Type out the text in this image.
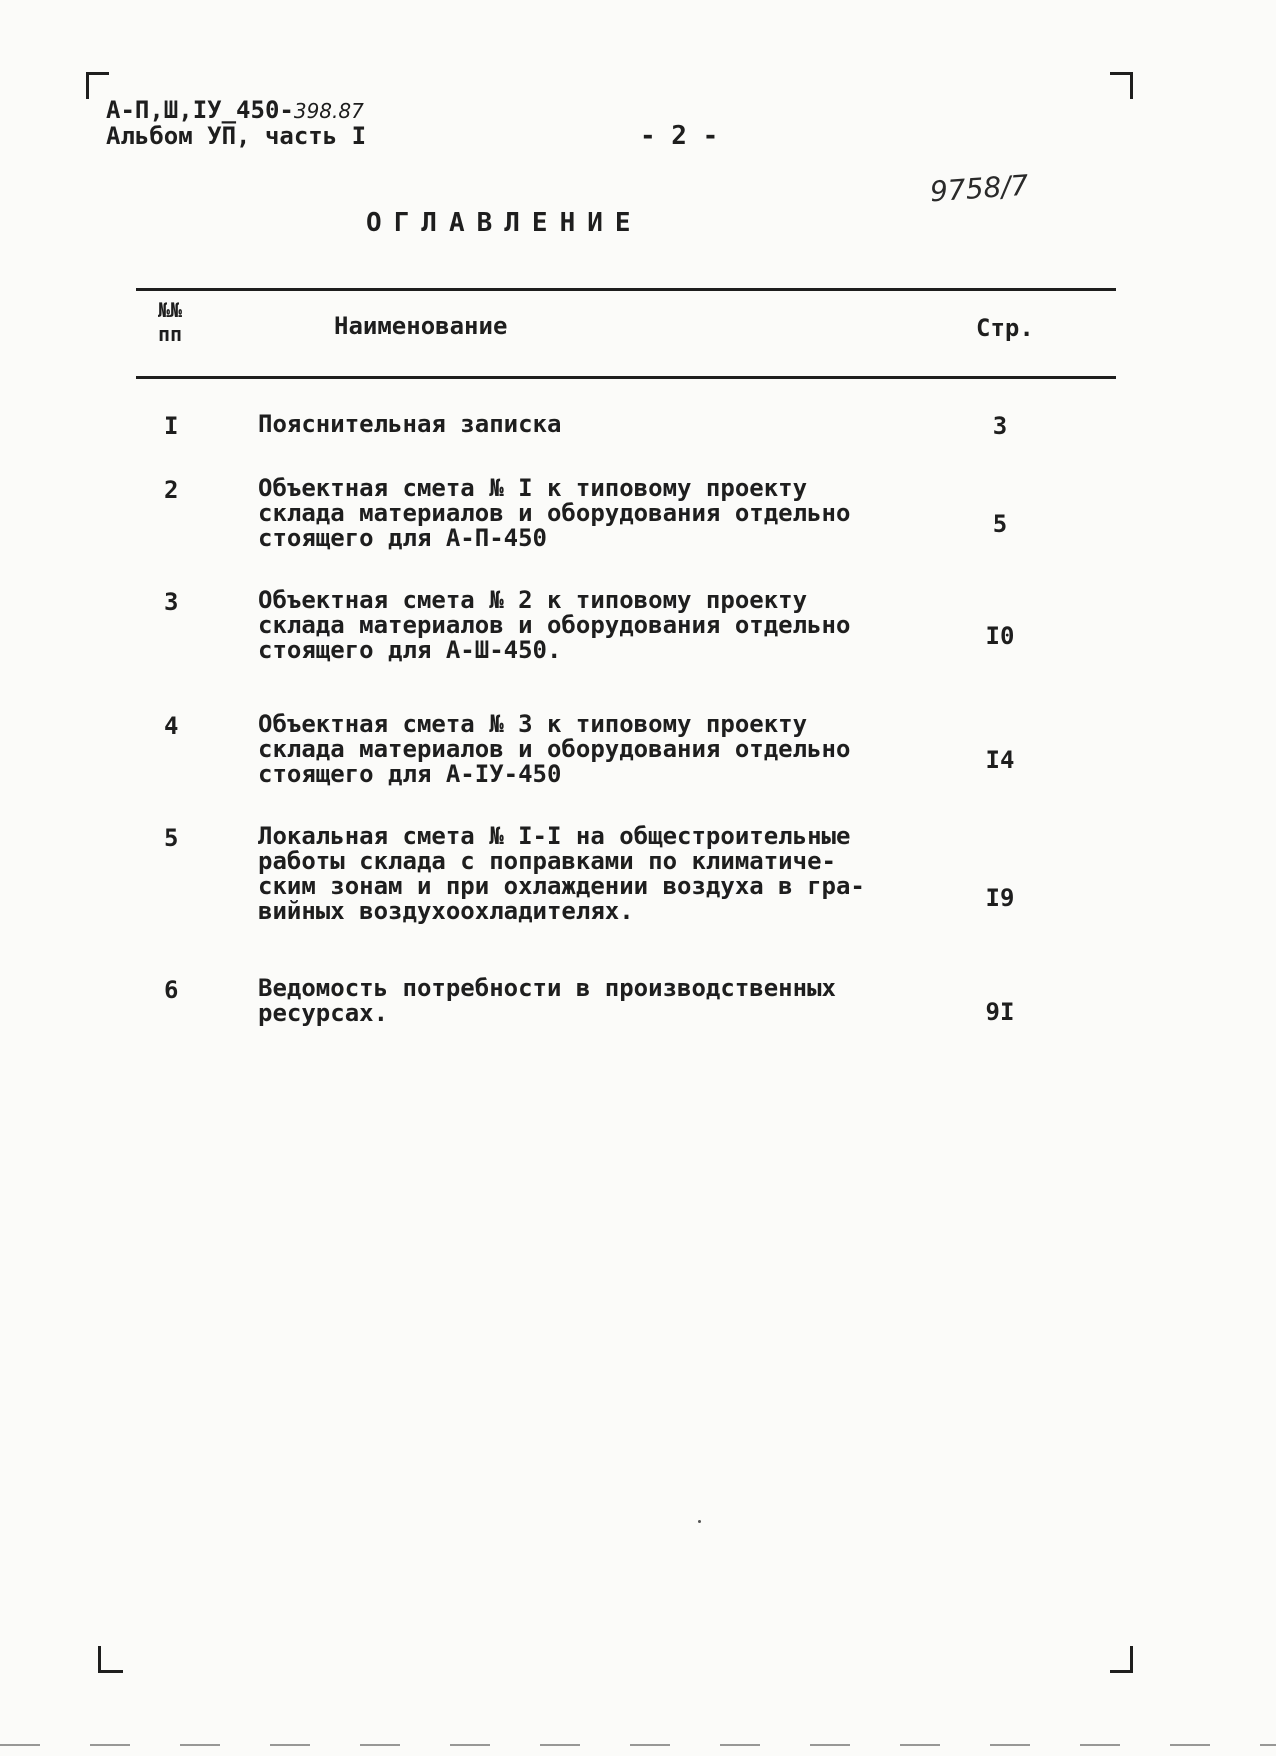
А-П,Ш,IУ_450-398.87
Альбом УП, часть I	- 2 -
9758/7
ОГЛАВЛЕНИЕ
№№ пп	Наименование	Стр.
I	Пояснительная записка	3
2	Объектная смета № I к типовому проекту
склада материалов и оборудования отдельно
стоящего для А-П-450	5
3	Объектная смета № 2 к типовому проекту
склада материалов и оборудования отдельно
стоящего для А-Ш-450.	I0
4	Объектная смета № 3 к типовому проекту
склада материалов и оборудования отдельно
стоящего для А-IУ-450	I4
5	Локальная смета № I-I на общестроительные
работы склада с поправками по климатиче-
ским зонам и при охлаждении воздуха в гра-
вийных воздухоохладителях.	I9
6	Ведомость потребности в производственных
ресурсах.	9I
